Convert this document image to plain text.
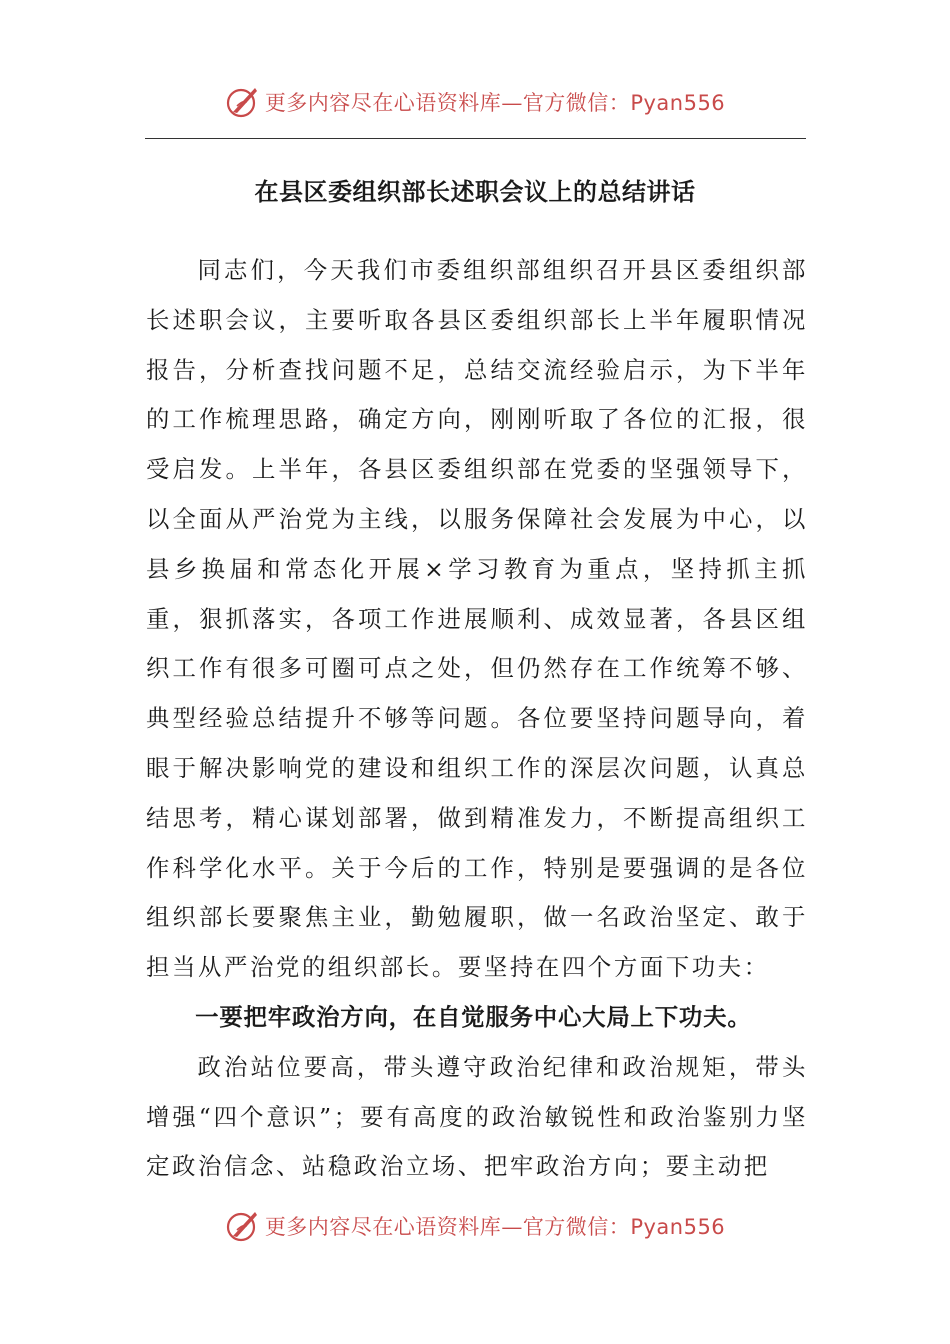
更多内容尽在心语资料库—官方微信：Pyan556
在县区委组织部长述职会议上的总结讲话

同志们，今天我们市委组织部组织召开县区委组织部长述职会议，主要听取各县区委组织部长上半年履职情况报告，分析查找问题不足，总结交流经验启示，为下半年的工作梳理思路，确定方向，刚刚听取了各位的汇报，很受启发。上半年，各县区委组织部在党委的坚强领导下，以全面从严治党为主线，以服务保障社会发展为中心，以县乡换届和常态化开展×学习教育为重点，坚持抓主抓重，狠抓落实，各项工作进展顺利、成效显著，各县区组织工作有很多可圈可点之处，但仍然存在工作统筹不够、典型经验总结提升不够等问题。各位要坚持问题导向，着眼于解决影响党的建设和组织工作的深层次问题，认真总结思考，精心谋划部署，做到精准发力，不断提高组织工作科学化水平。关于今后的工作，特别是要强调的是各位组织部长要聚焦主业，勤勉履职，做一名政治坚定、敢于担当从严治党的组织部长。要坚持在四个方面下功夫：

一要把牢政治方向，在自觉服务中心大局上下功夫。

政治站位要高，带头遵守政治纪律和政治规矩，带头增强“四个意识”；要有高度的政治敏锐性和政治鉴别力坚定政治信念、站稳政治立场、把牢政治方向；要主动把

更多内容尽在心语资料库—官方微信：Pyan556
